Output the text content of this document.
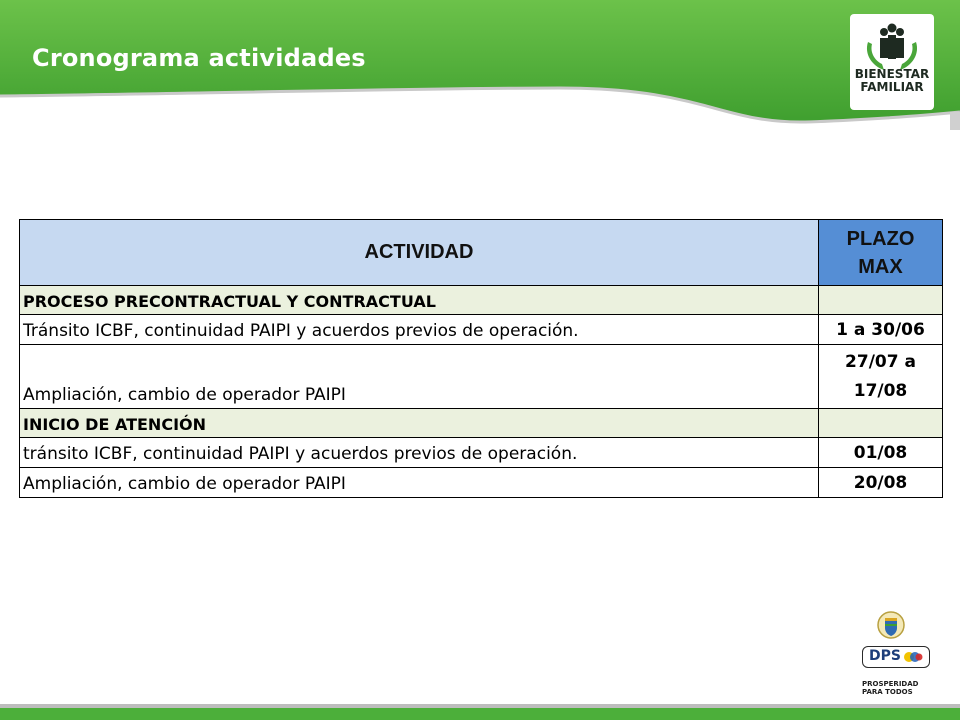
Cronograma actividades
BIENESTAR
FAMILIAR
ACTIVIDAD	PLAZO MAX
PROCESO PRECONTRACTUAL Y CONTRACTUAL	
Tránsito ICBF, continuidad PAIPI y acuerdos previos de operación.	1 a 30/06
Ampliación, cambio de operador PAIPI	27/07 a 17/08
INICIO DE ATENCIÓN	
tránsito ICBF, continuidad PAIPI y acuerdos previos de operación.	01/08
Ampliación, cambio de operador PAIPI	20/08
DPS
PROSPERIDAD
PARA TODOS
